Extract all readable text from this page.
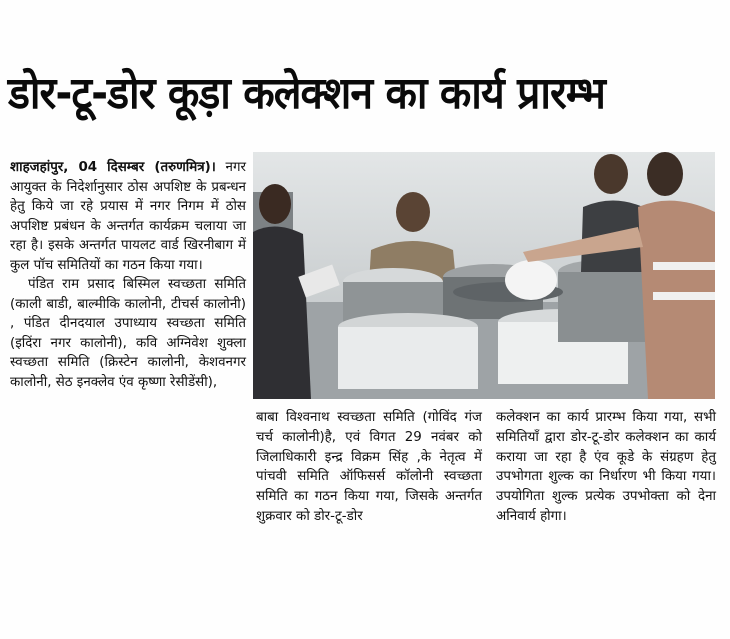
डोर-टू-डोर कूड़ा कलेक्शन का कार्य प्रारम्भ

शाहजहांपुर, 04 दिसम्बर (तरुणमित्र)। नगर आयुक्त के निदेर्शानुसार ठोस अपशिष्ट के प्रबन्धन हेतु किये जा रहे प्रयास में नगर निगम में ठोस अपशिष्ट प्रबंधन के अन्तर्गत कार्यक्रम चलाया जा रहा है। इसके अन्तर्गत पायलट वार्ड खिरनीबाग में कुल पॉच समितियों का गठन किया गया।

पंडित राम प्रसाद बिस्मिल स्वच्छता समिति (काली बाडी, बाल्मीकि कालोनी, टीचर्स कालोनी) , पंडित दीनदयाल उपाध्याय स्वच्छता समिति (इदिंरा नगर कालोनी), कवि अग्निवेश शुक्ला स्वच्छता समिति (क्रिस्टेन कालोनी, केशवनगर कालोनी, सेठ इनक्लेव एंव कृष्णा रेसीडेंसी),

बाबा विश्वनाथ स्वच्छता समिति (गोविंद गंज चर्च कालोनी)है, एवं विगत 29 नवंबर को जिलाधिकारी इन्द्र विक्रम सिंह ,के नेतृत्व में पांचवी समिति ऑफिसर्स कॉलोनी स्वच्छता समिति का गठन किया गया, जिसके अन्तर्गत शुक्रवार को डोर-टू-डोर

कलेक्शन का कार्य प्रारम्भ किया गया, सभी समितियॉं द्वारा डोर-टू-डोर कलेक्शन का कार्य कराया जा रहा है एंव कूडे के संग्रहण हेतु उपभोगता शुल्क का निर्धारण भी किया गया। उपयोगिता शुल्क प्रत्येक उपभोक्ता को देना अनिवार्य होगा।
